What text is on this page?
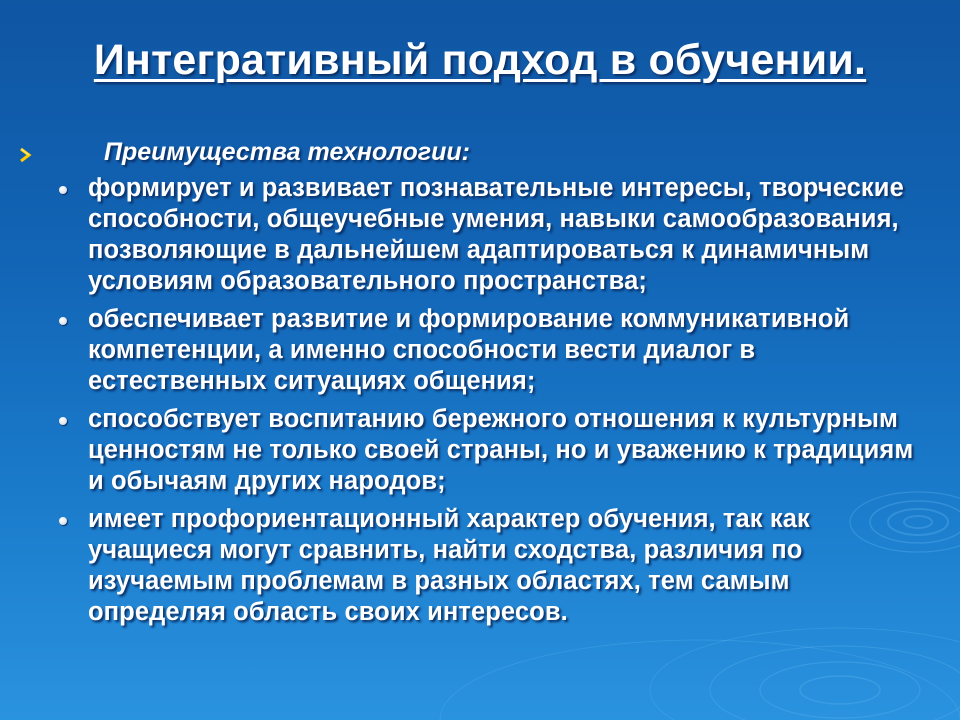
Интегративный подход в обучении.
Преимущества технологии:
формирует и развивает познавательные интересы, творческие способности, общеучебные умения, навыки самообразования, позволяющие в дальнейшем адаптироваться к динамичным условиям образовательного пространства;
обеспечивает развитие и формирование коммуникативной компетенции, а именно способности вести диалог в естественных ситуациях общения;
способствует воспитанию бережного отношения к культурным ценностям не только своей страны, но и уважению к традициям и обычаям других народов;
имеет профориентационный характер обучения, так как учащиеся могут сравнить, найти сходства, различия по изучаемым проблемам в разных областях, тем самым определяя область своих интересов.
